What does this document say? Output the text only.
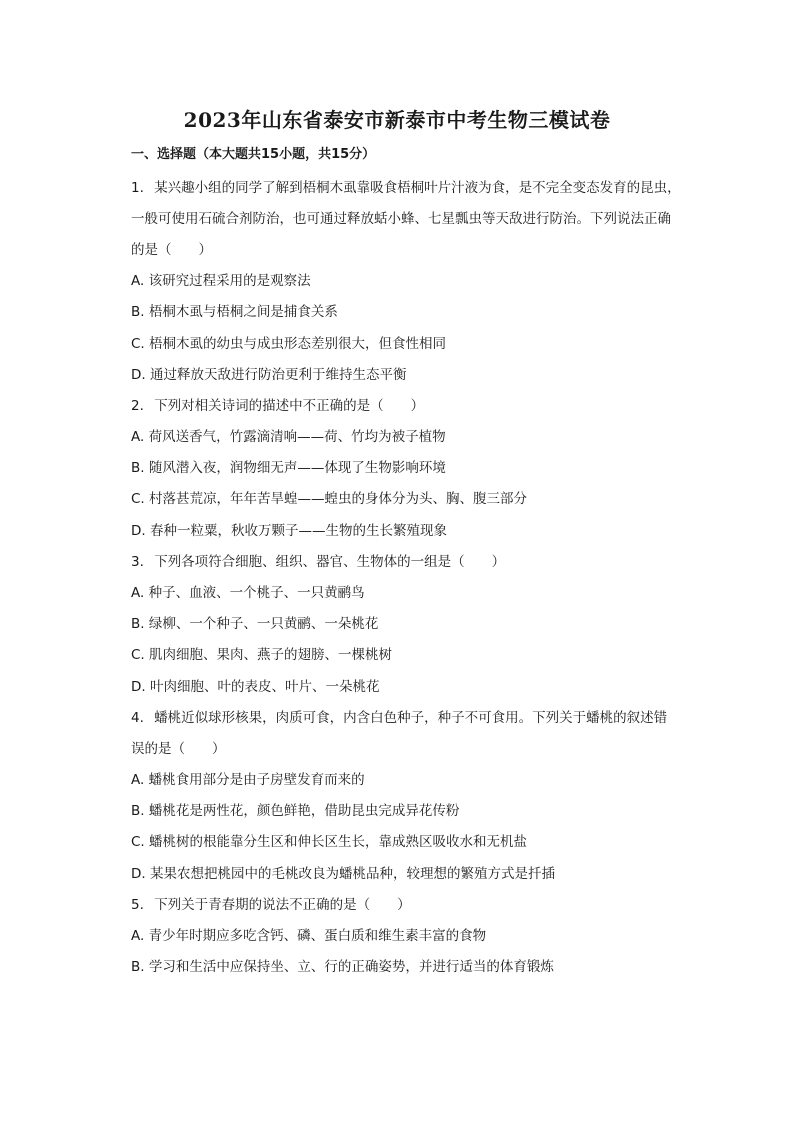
2023年山东省泰安市新泰市中考生物三模试卷
一、选择题（本大题共15小题，共15分）
1. 某兴趣小组的同学了解到梧桐木虱靠吸食梧桐叶片汁液为食，是不完全变态发育的昆虫，
一般可使用石硫合剂防治，也可通过释放蛞小蜂、七星瓢虫等天敌进行防治。下列说法正确
的是（　　）
A. 该研究过程采用的是观察法
B. 梧桐木虱与梧桐之间是捕食关系
C. 梧桐木虱的幼虫与成虫形态差别很大，但食性相同
D. 通过释放天敌进行防治更利于维持生态平衡
2. 下列对相关诗词的描述中不正确的是（　　）
A. 荷风送香气，竹露滴清响——荷、竹均为被子植物
B. 随风潜入夜，润物细无声——体现了生物影响环境
C. 村落甚荒凉，年年苦旱蝗——蝗虫的身体分为头、胸、腹三部分
D. 春种一粒粟，秋收万颗子——生物的生长繁殖现象
3. 下列各项符合细胞、组织、器官、生物体的一组是（　　）
A. 种子、血液、一个桃子、一只黄鹂鸟
B. 绿柳、一个种子、一只黄鹂、一朵桃花
C. 肌肉细胞、果肉、燕子的翅膀、一棵桃树
D. 叶肉细胞、叶的表皮、叶片、一朵桃花
4. 蟠桃近似球形核果，肉质可食，内含白色种子，种子不可食用。下列关于蟠桃的叙述错
误的是（　　）
A. 蟠桃食用部分是由子房壁发育而来的
B. 蟠桃花是两性花，颜色鲜艳，借助昆虫完成异花传粉
C. 蟠桃树的根能靠分生区和伸长区生长，靠成熟区吸收水和无机盐
D. 某果农想把桃园中的毛桃改良为蟠桃品种，较理想的繁殖方式是扦插
5. 下列关于青春期的说法不正确的是（　　）
A. 青少年时期应多吃含钙、磷、蛋白质和维生素丰富的食物
B. 学习和生活中应保持坐、立、行的正确姿势，并进行适当的体育锻炼
